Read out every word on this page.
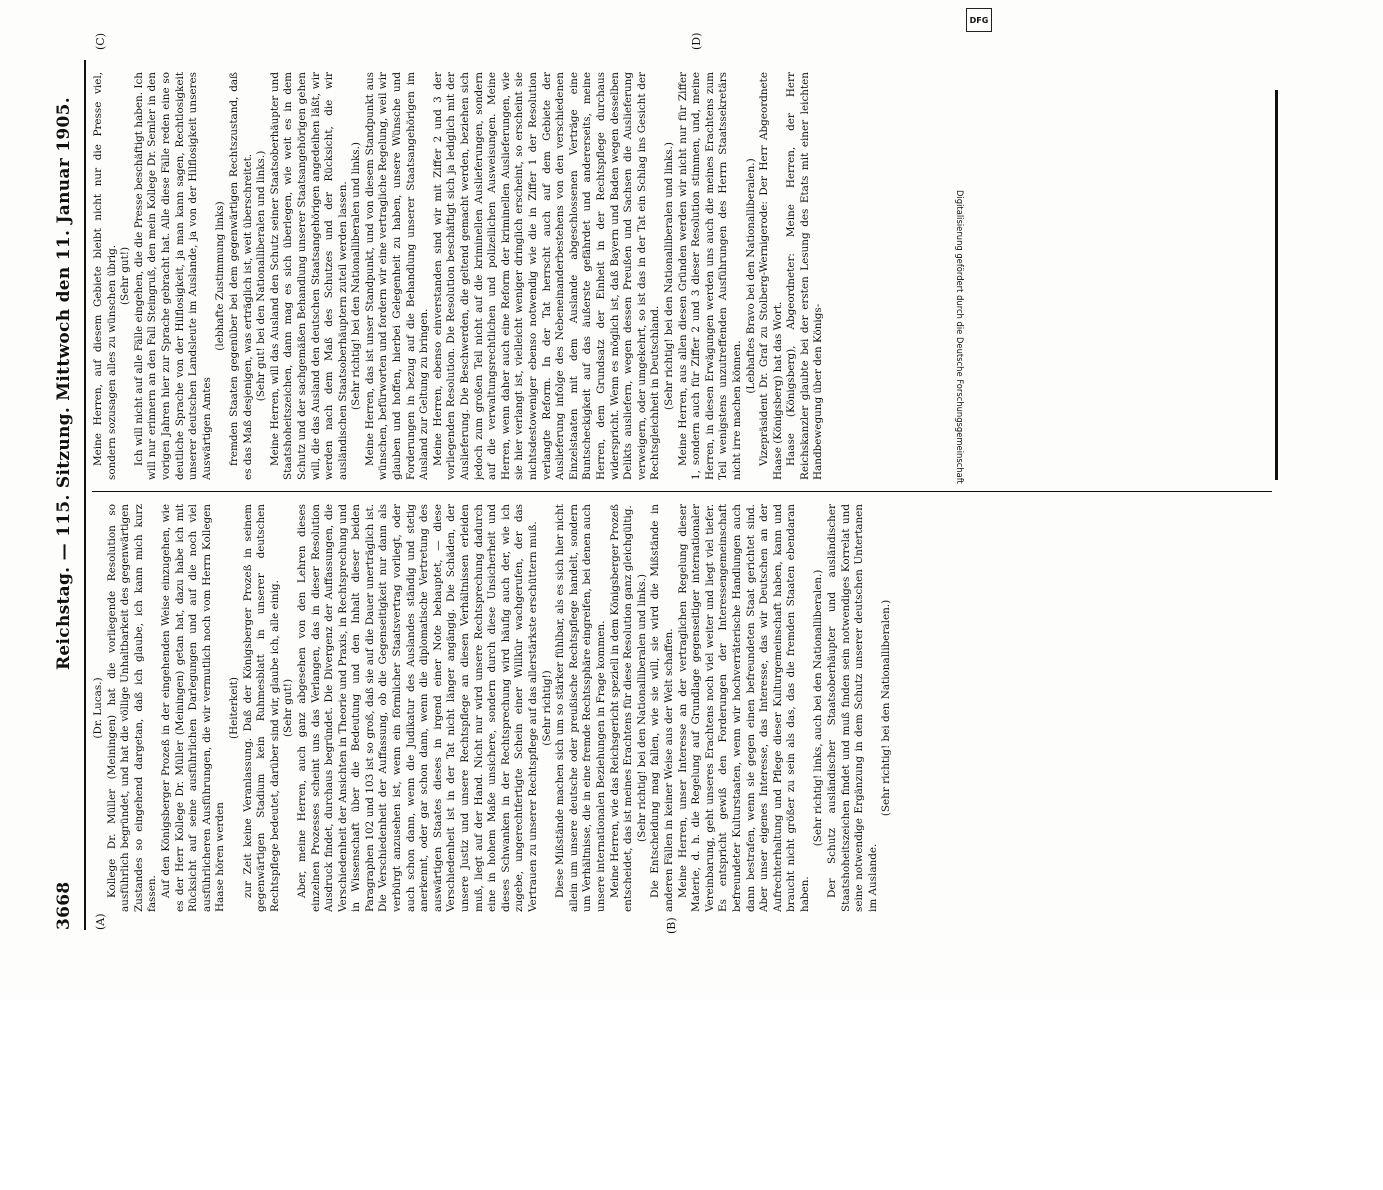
3668
Reichstag. — 115. Sitzung. Mittwoch den 11. Januar 1905.
(A)	(B)
(C)	(D)

(Dr. Lucas.) Kollege Dr. Müller (Meiningen) hat die vorliegende Resolution so ausführlich begründet, und hat die völlige Unhaltbarkeit des gegenwärtigen Zustandes so eingehend dargetan, daß ich glaube, ich kann mich kurz fassen. Auf den Königsberger Prozeß in der eingehenden Weise einzugehen, wie es der Herr Kollege Dr. Müller (Meiningen) getan hat, dazu habe ich mit Rücksicht auf seine ausführlichen Darlegungen und auf die noch viel ausführlicheren Ausführungen, die wir vermutlich noch vom Herrn Kollegen Haase hören werden

(Heiterkeit) zur Zeit keine Veranlassung. Daß der Königsberger Prozeß in seinem gegenwärtigen Stadium kein Ruhmesblatt in unserer deutschen Rechtspflege bedeutet, darüber sind wir, glaube ich, alle einig. (Sehr gut!) Aber, meine Herren, auch ganz abgesehen von den Lehren dieses einzelnen Prozesses scheint uns das Verlangen, das in dieser Resolution Ausdruck findet, durchaus begründet. Die Divergenz der Auffassungen, die Verschiedenheit der Ansichten in Theorie und Praxis, in Rechtsprechung und in Wissenschaft über die Bedeutung und den Inhalt dieser beiden Paragraphen 102 und 103 ist so groß, daß sie auf die Dauer unerträglich ist. Die Verschiedenheit der Auffassung, ob die Gegenseitigkeit nur dann als verbürgt anzusehen ist, wenn ein förmlicher Staatsvertrag vorliegt, oder auch schon dann, wenn die Judikatur des Auslandes ständig und stetig anerkennt, oder gar schon dann, wenn die diplomatische Vertretung des auswärtigen Staates dieses in irgend einer Note behauptet, — diese Verschiedenheit ist in der Tat nicht länger angängig. Die Schäden, der unsere Justiz und unsere Rechtspflege an diesen Verhältnissen erleiden muß, liegt auf der Hand. Nicht nur wird unsere Rechtsprechung dadurch eine in hohem Maße unsichere, sondern durch diese Unsicherheit und dieses Schwanken in der Rechtsprechung wird häufig auch der, wie ich zugebe, ungerechtfertigte Schein einer Willkür wachgerufen, der das Vertrauen zu unserer Rechtspflege auf das allerstärkste erschüttern muß. (Sehr richtig!) Diese Mißstände machen sich um so stärker fühlbar, als es sich hier nicht allein um unsere deutsche oder preußische Rechtspflege handelt, sondern um Verhältnisse, die in eine fremde Rechtssphäre eingreifen, bei denen auch unsere internationalen Beziehungen in Frage kommen. Meine Herren, wie das Reichsgericht speziell in dem Königsberger Prozeß entscheidet, das ist meines Erachtens für diese Resolution ganz gleichgültig. (Sehr richtig! bei den Nationalliberalen und links.) Die Entscheidung mag fallen, wie sie will, sie wird die Mißstände in anderen Fällen in keiner Weise aus der Welt schaffen. Meine Herren, unser Interesse an der vertraglichen Regelung dieser Materie, d. h. die Regelung auf Grundlage gegenseitiger internationaler Vereinbarung, geht unseres Erachtens noch viel weiter und liegt viel tiefer. Es entspricht gewiß den Forderungen der Interessengemeinschaft befreundeter Kulturstaaten, wenn wir hochverräterische Handlungen auch dann bestrafen, wenn sie gegen einen befreundeten Staat gerichtet sind. Aber unser eigenes Interesse, das Interesse, das wir Deutschen an der Aufrechterhaltung und Pflege dieser Kulturgemeinschaft haben, kann und braucht nicht größer zu sein als das, das die fremden Staaten ebendaran haben.

(Sehr richtig! links, auch bei den Nationalliberalen.) Der Schutz ausländischer Staatsoberhäupter und ausländischer Staatshoheitszeichen findet und muß finden sein notwendiges Korrelat und seine notwendige Ergänzung in dem Schutz unserer deutschen Untertanen im Auslande.

(Sehr richtig! bei den Nationalliberalen.)

Meine Herren, auf diesem Gebiete bleibt nicht nur die Presse viel, sondern sozusagen alles zu wünschen übrig. (Sehr gut!) Ich will nicht auf alle Fälle eingehen, die die Presse beschäftigt haben. Ich will nur erinnern an den Fall Steingruß, den mein Kollege Dr. Semler in den vorigen Jahren hier zur Sprache gebracht hat. Alle diese Fälle reden eine so deutliche Sprache von der Hilflosigkeit, ja man kann sagen, Rechtlosigkeit unserer deutschen Landsleute im Auslande, ja von der Hilflosigkeit unseres Auswärtigen Amtes

(lebhafte Zustimmung links) fremden Staaten gegenüber bei dem gegenwärtigen Rechtszustand, daß es das Maß desjenigen, was erträglich ist, weit überschreitet. (Sehr gut! bei den Nationalliberalen und links.) Meine Herren, will das Ausland den Schutz seiner Staatsoberhäupter und Staatshoheitszeichen, dann mag es sich überlegen, wie weit es in dem Schutz und der sachgemäßen Behandlung unserer Staatsangehörigen gehen will, die das Ausland den deutschen Staatsangehörigen angedeihen läßt, wir werden nach dem Maß des Schutzes und der Rücksicht, die wir ausländischen Staatsoberhäuptern zuteil werden lassen. (Sehr richtig! bei den Nationalliberalen und links.) Meine Herren, das ist unser Standpunkt, und von diesem Standpunkt aus wünschen, befürworten und fordern wir eine vertragliche Regelung, weil wir glauben und hoffen, hierbei Gelegenheit zu haben, unsere Wünsche und Forderungen in bezug auf die Behandlung unserer Staatsangehörigen im Ausland zur Geltung zu bringen. Meine Herren, ebenso einverstanden sind wir mit Ziffer 2 und 3 der vorliegenden Resolution. Die Resolution beschäftigt sich ja lediglich mit der Auslieferung. Die Beschwerden, die geltend gemacht werden, beziehen sich jedoch zum großen Teil nicht auf die kriminellen Auslieferungen, sondern auf die verwaltungsrechtlichen und polizeilichen Ausweisungen. Meine Herren, wenn daher auch eine Reform der kriminellen Auslieferungen, wie sie hier verlangt ist, vielleicht weniger dringlich erscheint, so erscheint sie nichtsdestoweniger ebenso notwendig wie die in Ziffer 1 der Resolution verlangte Reform. In der Tat herrscht auch auf dem Gebiete der Auslieferung infolge des Nebeneinanderbestehens von den verschiedenen Einzelstaaten mit dem Auslande abgeschlossenen Verträge eine Buntscheckigkeit auf das äußerste gefährdet und andererseits, meine Herren, dem Grundsatz der Einheit in der Rechtspflege durchaus widerspricht. Wenn es möglich ist, daß Bayern und Baden wegen desselben Delikts ausliefern, wegen dessen Preußen und Sachsen die Auslieferung verweigern, oder umgekehrt, so ist das in der Tat ein Schlag ins Gesicht der Rechtsgleichheit in Deutschland. (Sehr richtig! bei den Nationalliberalen und links.) Meine Herren, aus allen diesen Gründen werden wir nicht nur für Ziffer 1, sondern auch für Ziffer 2 und 3 dieser Resolution stimmen, und, meine Herren, in diesen Erwägungen werden uns auch die meines Erachtens zum Teil wenigstens unzutreffenden Ausführungen des Herrn Staatssekretärs nicht irre machen können.

(Lebhaftes Bravo bei den Nationalliberalen.) Vizepräsident Dr. Graf zu Stolberg-Wernigerode: Der Herr Abgeordnete Haase (Königsberg) hat das Wort. Haase (Königsberg), Abgeordneter: Meine Herren, der Herr Reichskanzler glaubte bei der ersten Lesung des Etats mit einer leichten Handbewegung über den Königs-

DFG
Digitalisierung gefördert durch die Deutsche Forschungsgemeinschaft
